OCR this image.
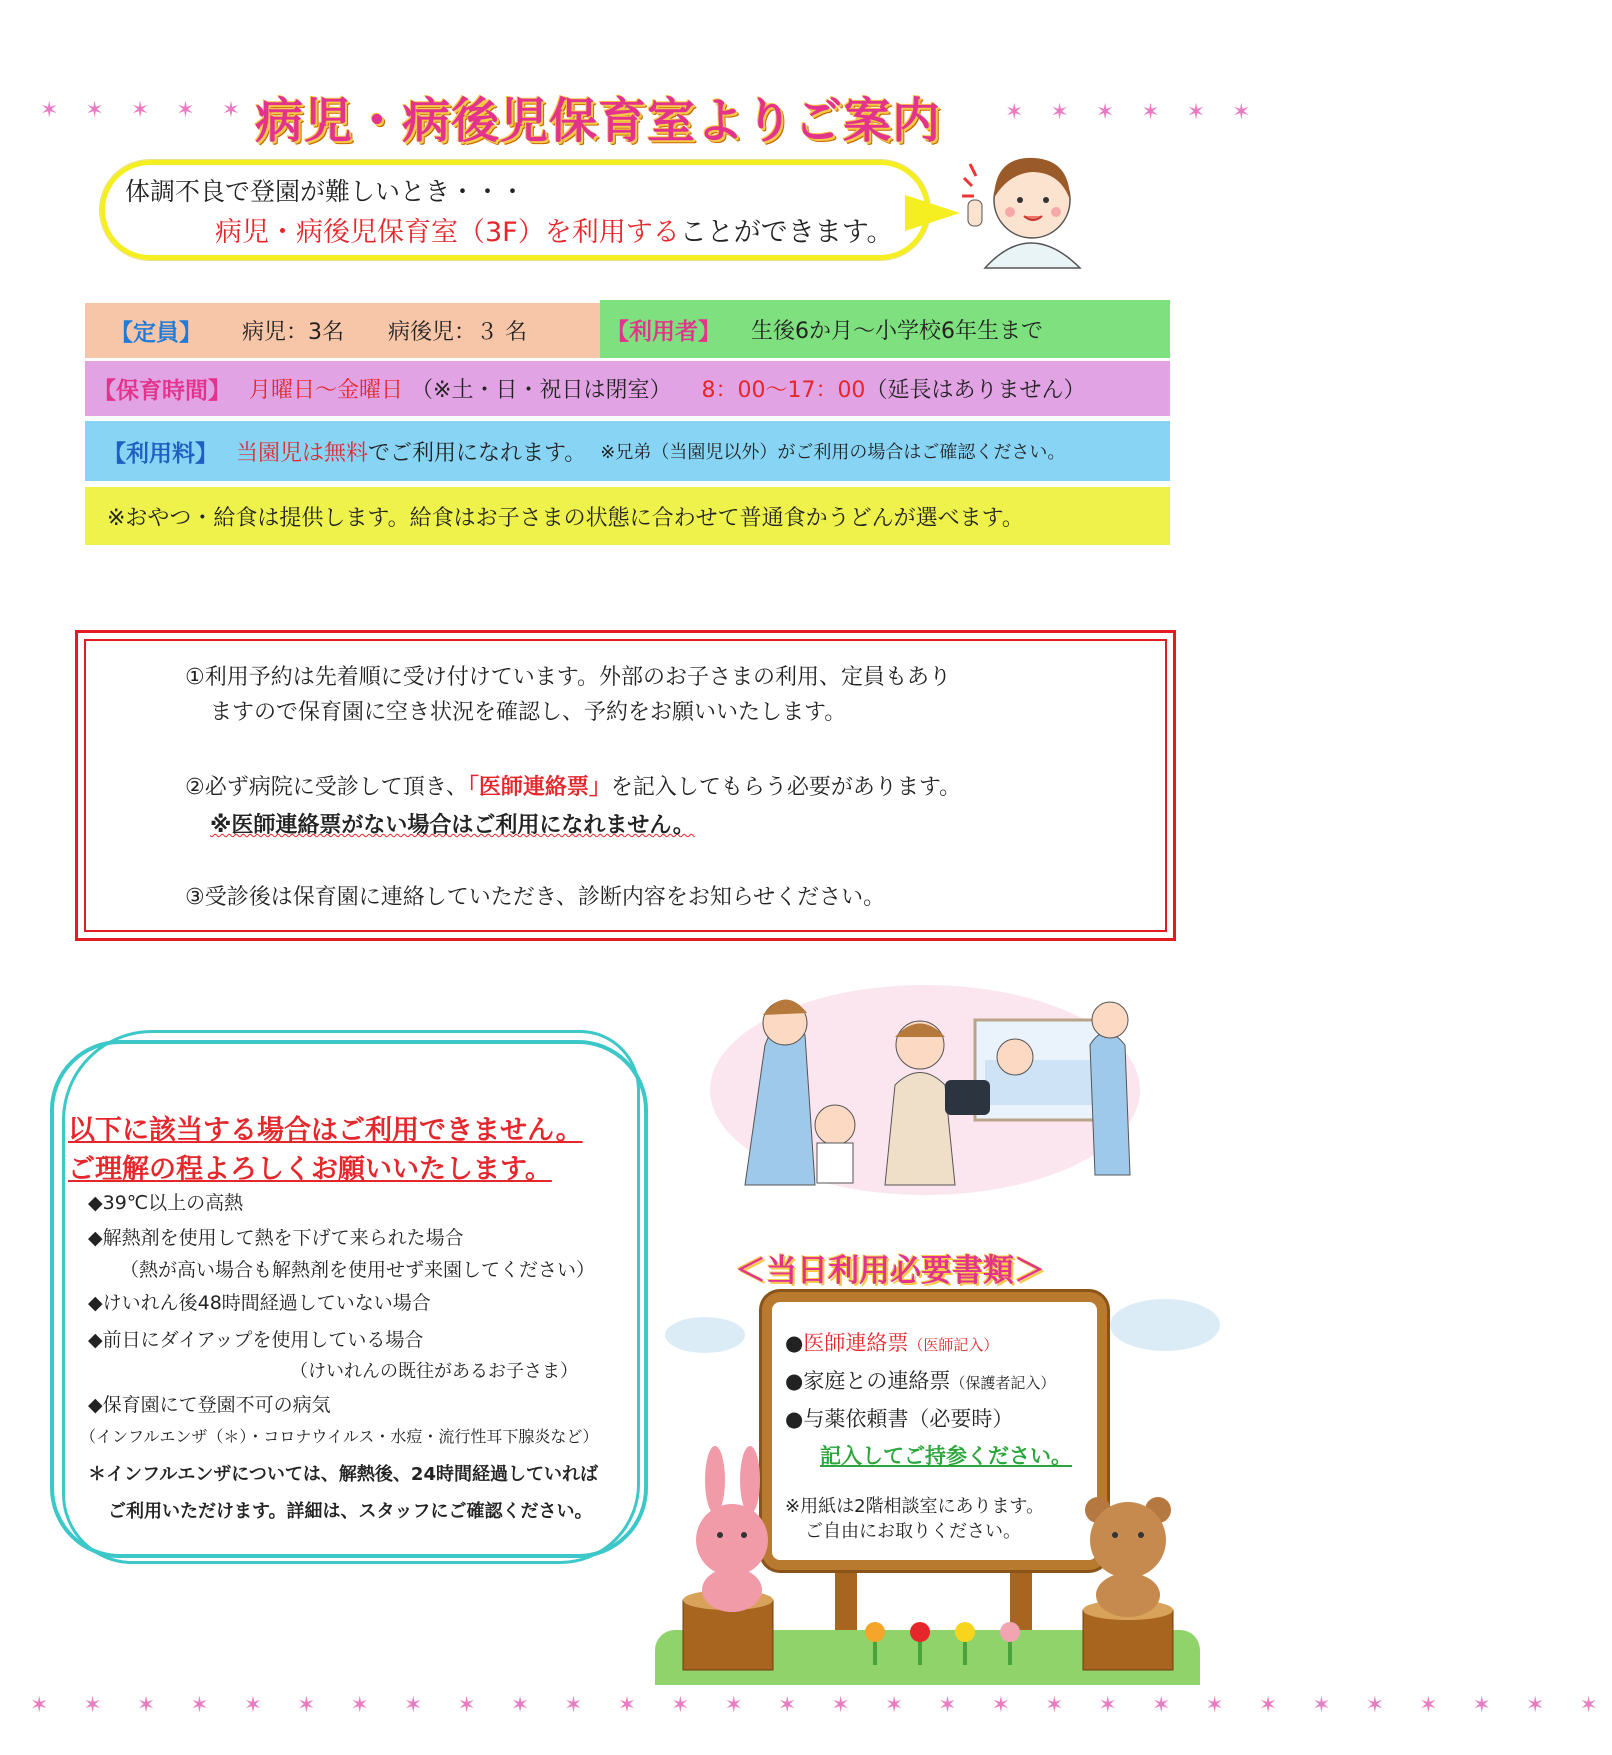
✶ ✶ ✶ ✶ ✶ ✶	✶ ✶ ✶ ✶ ✶ ✶
病児・病後児保育室よりご案内
体調不良で登園が難しいとき・・・
病児・病後児保育室（3F）を利用することができます。
【定員】 病児：3名　　病後児：３ 名	【利用者】 生後6か月～小学校6年生まで
【保育時間】 月曜日～金曜日 （※土・日・祝日は閉室） 8：00～17：00 （延長はありません）
【利用料】 当園児は無料 でご利用になれます。 ※兄弟（当園児以外）がご利用の場合はご確認ください。
※おやつ・給食は提供します。給食はお子さまの状態に合わせて普通食かうどんが選べます。
①利用予約は先着順に受け付けています。外部のお子さまの利用、定員もあり
ますので保育園に空き状況を確認し、予約をお願いいたします。
②必ず病院に受診して頂き、「医師連絡票」を記入してもらう必要があります。
※医師連絡票がない場合はご利用になれません。
③受診後は保育園に連絡していただき、診断内容をお知らせください。
以下に該当する場合はご利用できません。
ご理解の程よろしくお願いいたします。
◆39℃以上の高熱
◆解熱剤を使用して熱を下げて来られた場合
（熱が高い場合も解熱剤を使用せず来園してください）
◆けいれん後48時間経過していない場合
◆前日にダイアップを使用している場合
（けいれんの既往があるお子さま）
◆保育園にて登園不可の病気
（インフルエンザ（＊）・コロナウイルス・水痘・流行性耳下腺炎など）
＊インフルエンザについては、解熱後、24時間経過していれば
ご利用いただけます。詳細は、スタッフにご確認ください。
＜当日利用必要書類＞
●医師連絡票（医師記入）
●家庭との連絡票（保護者記入）
●与薬依頼書（必要時）
記入してご持参ください。
※用紙は2階相談室にあります。
ご自由にお取りください。
✶ ✶ ✶ ✶ ✶ ✶ ✶ ✶ ✶ ✶ ✶ ✶ ✶ ✶ ✶ ✶ ✶ ✶ ✶ ✶ ✶ ✶ ✶ ✶ ✶ ✶ ✶ ✶ ✶ ✶
